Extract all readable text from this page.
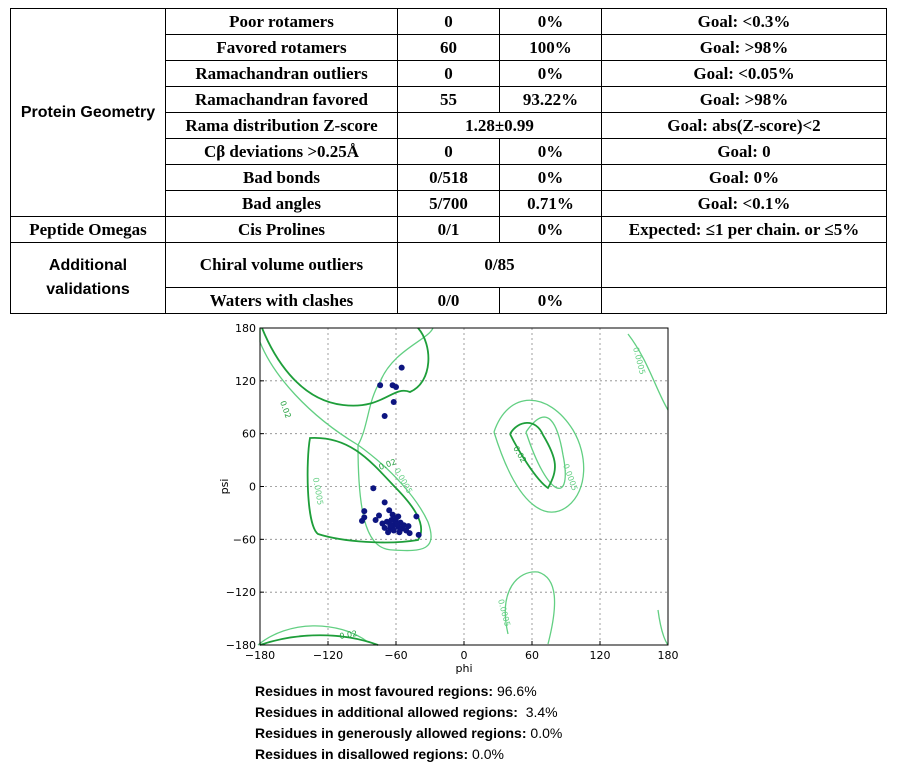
Protein Geometry	Poor rotamers	0	0%	Goal: <0.3%
	Favored rotamers	60	100%	Goal: >98%
	Ramachandran outliers	0	0%	Goal: <0.05%
	Ramachandran favored	55	93.22%	Goal: >98%
	Rama distribution Z-score	1.28±0.99		Goal: abs(Z-score)<2
	Cβ deviations >0.25Å	0	0%	Goal: 0
	Bad bonds	0/518	0%	Goal: 0%
	Bad angles	5/700	0.71%	Goal: <0.1%
Peptide Omegas	Cis Prolines	0/1	0%	Expected: ≤1 per chain. or ≤5%
Additional validations	Chiral volume outliers	0/85		
	Waters with clashes	0/0	0%	
0.02
0.02
0.0005
0.0005
0.02
0.0005
0.0005
0.02
0.0005
−180	−120	−60	0	60	120	180
180
120
60
0
−60
−120
−180
phi
psi
Residues in most favoured regions: 96.6%
Residues in additional allowed regions:  3.4%
Residues in generously allowed regions: 0.0%
Residues in disallowed regions: 0.0%
